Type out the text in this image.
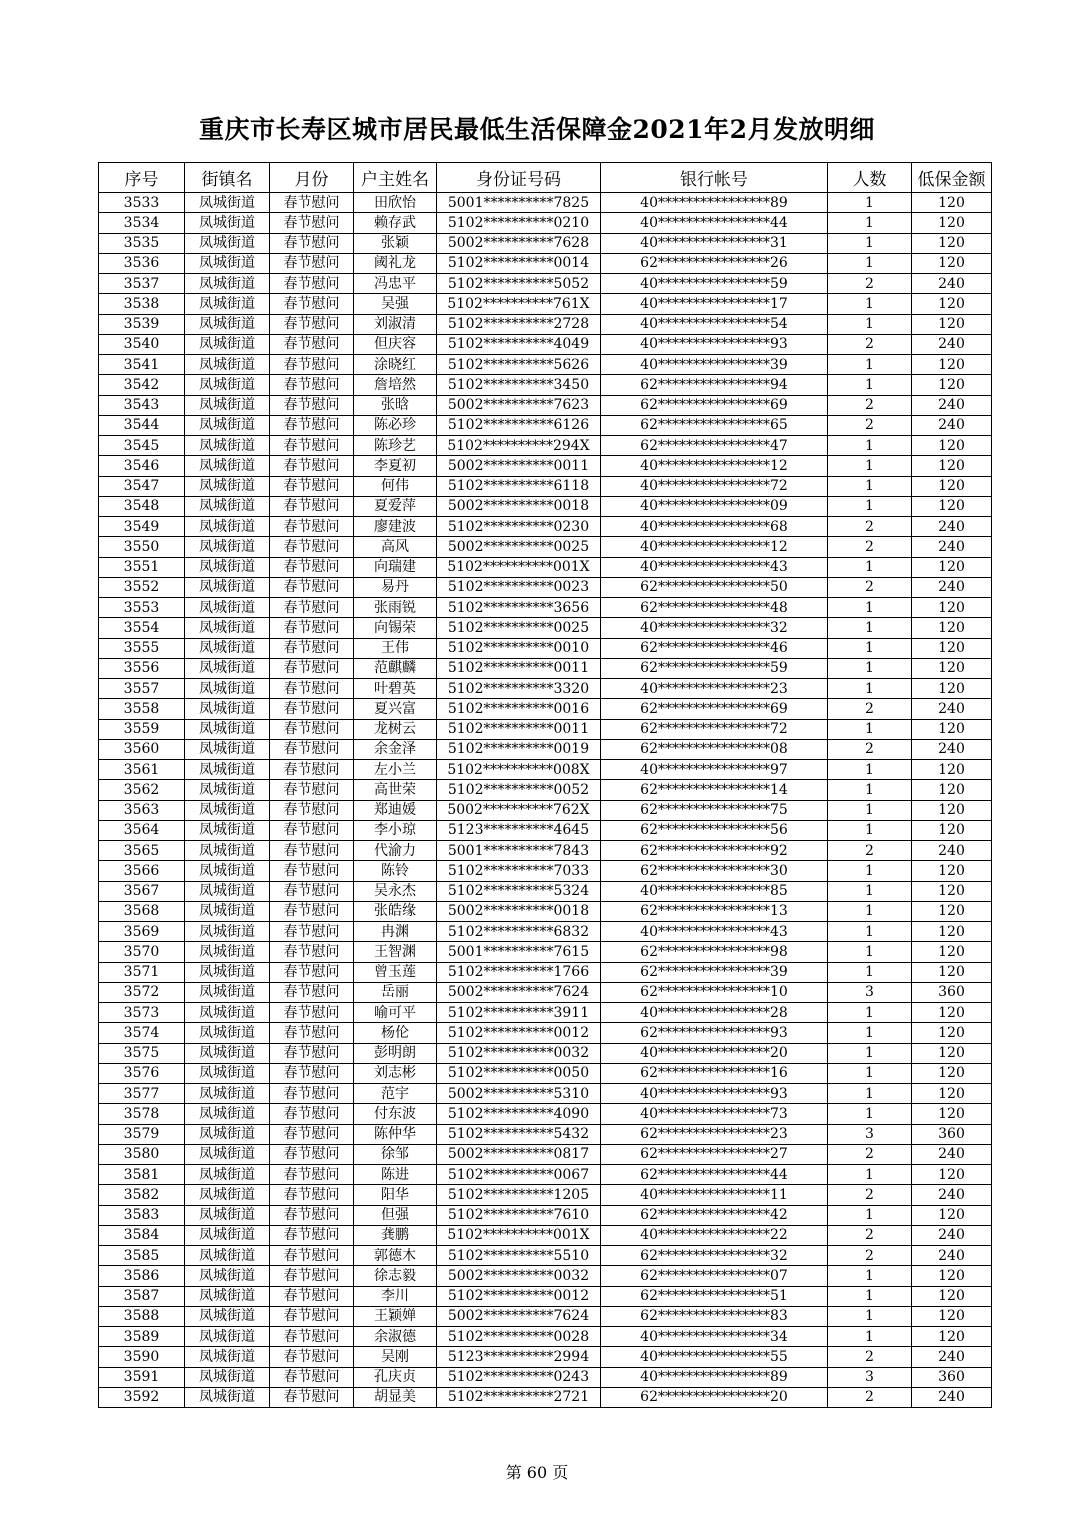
重庆市长寿区城市居民最低生活保障金2021年2月发放明细
序号	街镇名	月份	户主姓名	身份证号码	银行帐号	人数	低保金额
3533	凤城街道	春节慰问	田欣怡	5001**********7825	40****************89	1	120
3534	凤城街道	春节慰问	赖存武	5102**********0210	40****************44	1	120
3535	凤城街道	春节慰问	张颖	5002**********7628	40****************31	1	120
3536	凤城街道	春节慰问	阈礼龙	5102**********0014	62****************26	1	120
3537	凤城街道	春节慰问	冯忠平	5102**********5052	40****************59	2	240
3538	凤城街道	春节慰问	吴强	5102**********761X	40****************17	1	120
3539	凤城街道	春节慰问	刘淑清	5102**********2728	40****************54	1	120
3540	凤城街道	春节慰问	但庆容	5102**********4049	40****************93	2	240
3541	凤城街道	春节慰问	涂晓红	5102**********5626	40****************39	1	120
3542	凤城街道	春节慰问	詹培然	5102**********3450	62****************94	1	120
3543	凤城街道	春节慰问	张晗	5002**********7623	62****************69	2	240
3544	凤城街道	春节慰问	陈必珍	5102**********6126	62****************65	2	240
3545	凤城街道	春节慰问	陈珍艺	5102**********294X	62****************47	1	120
3546	凤城街道	春节慰问	李夏初	5002**********0011	40****************12	1	120
3547	凤城街道	春节慰问	何伟	5102**********6118	40****************72	1	120
3548	凤城街道	春节慰问	夏爱萍	5002**********0018	40****************09	1	120
3549	凤城街道	春节慰问	廖建波	5102**********0230	40****************68	2	240
3550	凤城街道	春节慰问	高风	5002**********0025	40****************12	2	240
3551	凤城街道	春节慰问	向瑞建	5102**********001X	40****************43	1	120
3552	凤城街道	春节慰问	易丹	5102**********0023	62****************50	2	240
3553	凤城街道	春节慰问	张雨锐	5102**********3656	62****************48	1	120
3554	凤城街道	春节慰问	向锡荣	5102**********0025	40****************32	1	120
3555	凤城街道	春节慰问	王伟	5102**********0010	62****************46	1	120
3556	凤城街道	春节慰问	范麒麟	5102**********0011	62****************59	1	120
3557	凤城街道	春节慰问	叶碧英	5102**********3320	40****************23	1	120
3558	凤城街道	春节慰问	夏兴富	5102**********0016	62****************69	2	240
3559	凤城街道	春节慰问	龙树云	5102**********0011	62****************72	1	120
3560	凤城街道	春节慰问	余金泽	5102**********0019	62****************08	2	240
3561	凤城街道	春节慰问	左小兰	5102**********008X	40****************97	1	120
3562	凤城街道	春节慰问	高世荣	5102**********0052	62****************14	1	120
3563	凤城街道	春节慰问	郑迪媛	5002**********762X	62****************75	1	120
3564	凤城街道	春节慰问	李小琼	5123**********4645	62****************56	1	120
3565	凤城街道	春节慰问	代渝力	5001**********7843	62****************92	2	240
3566	凤城街道	春节慰问	陈铃	5102**********7033	62****************30	1	120
3567	凤城街道	春节慰问	吴永杰	5102**********5324	40****************85	1	120
3568	凤城街道	春节慰问	张皓缘	5002**********0018	62****************13	1	120
3569	凤城街道	春节慰问	冉渊	5102**********6832	40****************43	1	120
3570	凤城街道	春节慰问	王智渊	5001**********7615	62****************98	1	120
3571	凤城街道	春节慰问	曾玉莲	5102**********1766	62****************39	1	120
3572	凤城街道	春节慰问	岳丽	5002**********7624	62****************10	3	360
3573	凤城街道	春节慰问	喻可平	5102**********3911	40****************28	1	120
3574	凤城街道	春节慰问	杨伦	5102**********0012	62****************93	1	120
3575	凤城街道	春节慰问	彭明朗	5102**********0032	40****************20	1	120
3576	凤城街道	春节慰问	刘志彬	5102**********0050	62****************16	1	120
3577	凤城街道	春节慰问	范宇	5002**********5310	40****************93	1	120
3578	凤城街道	春节慰问	付东波	5102**********4090	40****************73	1	120
3579	凤城街道	春节慰问	陈仲华	5102**********5432	62****************23	3	360
3580	凤城街道	春节慰问	徐邹	5002**********0817	62****************27	2	240
3581	凤城街道	春节慰问	陈进	5102**********0067	62****************44	1	120
3582	凤城街道	春节慰问	阳华	5102**********1205	40****************11	2	240
3583	凤城街道	春节慰问	但强	5102**********7610	62****************42	1	120
3584	凤城街道	春节慰问	龚鹏	5102**********001X	40****************22	2	240
3585	凤城街道	春节慰问	郭德木	5102**********5510	62****************32	2	240
3586	凤城街道	春节慰问	徐志毅	5002**********0032	62****************07	1	120
3587	凤城街道	春节慰问	李川	5102**********0012	62****************51	1	120
3588	凤城街道	春节慰问	王颖婵	5002**********7624	62****************83	1	120
3589	凤城街道	春节慰问	余淑德	5102**********0028	40****************34	1	120
3590	凤城街道	春节慰问	吴刚	5123**********2994	40****************55	2	240
3591	凤城街道	春节慰问	孔庆贞	5102**********0243	40****************89	3	360
3592	凤城街道	春节慰问	胡显美	5102**********2721	62****************20	2	240
第 60 页
